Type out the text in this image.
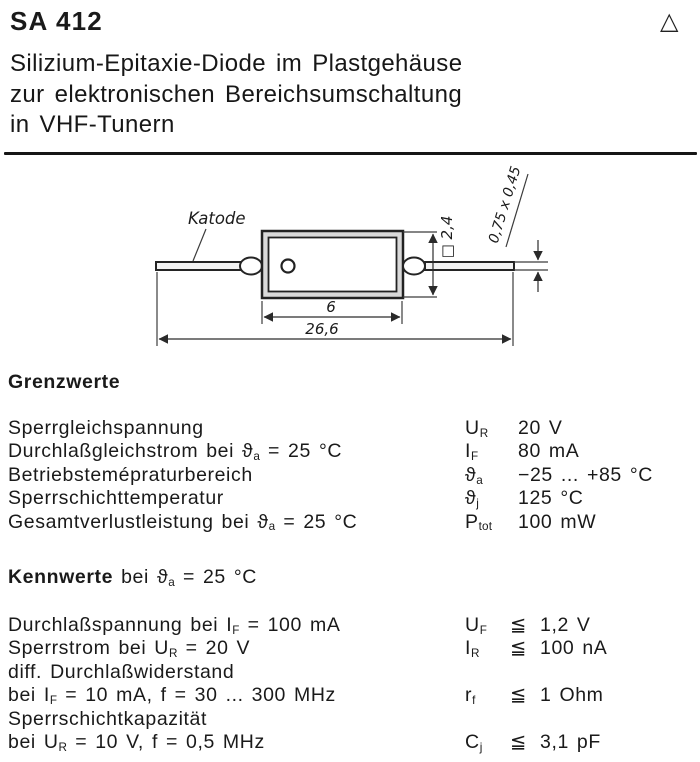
SA 412	△
Silizium-Epitaxie-Diode im Plastgehäuse
zur elektronischen Bereichsumschaltung
in VHF-Tunern
Katode
6
26,6
□ 2,4 0,75 x 0,45
Grenzwerte
Sperrgleichspannung	$U_R$ 20 V
Durchlaßgleichstrom bei $ϑ_a = 25$ °C	$I_F$ 80 mA
Betriebstemépraturbereich	$ϑ_a -25$ ... +85 °C
Sperrschichttemperatur	$ϑ_j$ 125 °C
Gesamtverlustleistung bei $ϑ_a = 25$ °C	$P_{tot}$ 100 mW
Kennwerte bei $ϑ_a = 25$ °C
Durchlaßspannung bei $I_F = 100$ mA	$U_F$ ≦ 1,2 V
Sperrstrom bei $U_R = 20$ V	$I_R$ ≦ 100 nA
diff. Durchlaßwiderstand
bei $I_F = 10$ mA, f = 30 ... 300 MHz	$r_f$ ≦ 1 Ohm
Sperrschichtkapazität
bei $U_R = 10$ V, f = 0,5 MHz	$C_j$ ≦ 3,1 pF
